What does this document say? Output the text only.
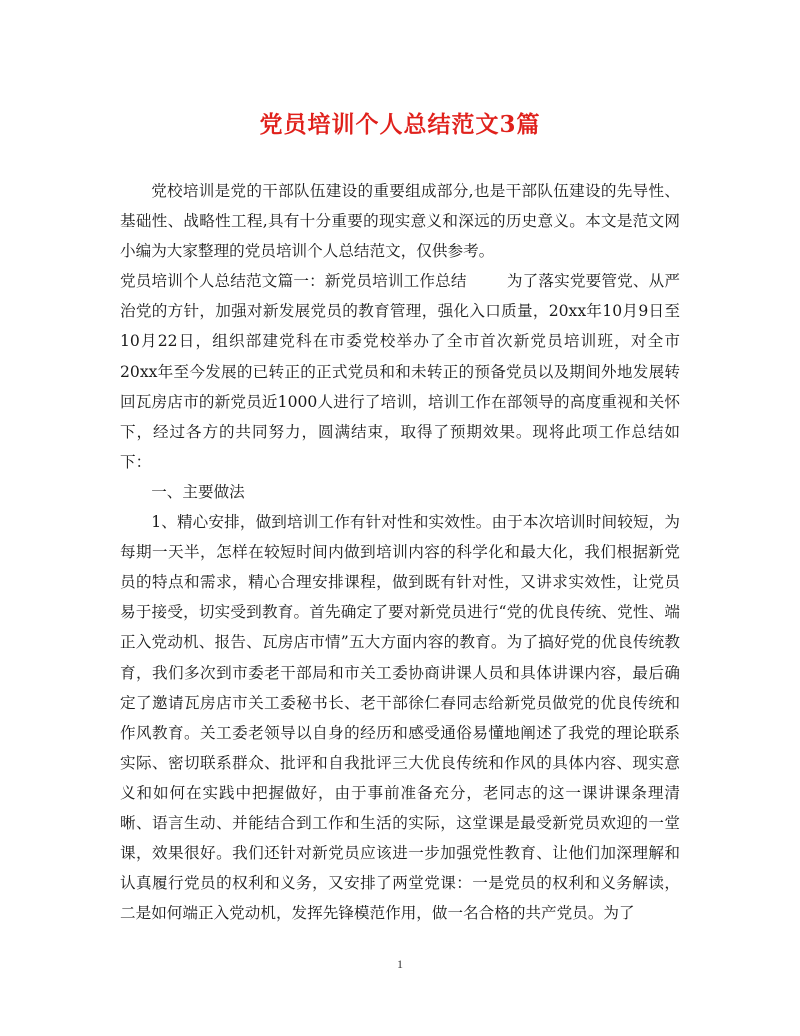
党员培训个人总结范文3篇

党校培训是党的干部队伍建设的重要组成部分,也是干部队伍建设的先导性、基础性、战略性工程,具有十分重要的现实意义和深远的历史意义。本文是范文网小编为大家整理的党员培训个人总结范文，仅供参考。

党员培训个人总结范文篇一：新党员培训工作总结	为了落实党要管党、从严治党的方针，加强对新发展党员的教育管理，强化入口质量，20xx年10月9日至10月22日，组织部建党科在市委党校举办了全市首次新党员培训班，对全市20xx年至今发展的已转正的正式党员和和未转正的预备党员以及期间外地发展转回瓦房店市的新党员近1000人进行了培训，培训工作在部领导的高度重视和关怀下，经过各方的共同努力，圆满结束，取得了预期效果。现将此项工作总结如下：

一、主要做法

1、精心安排，做到培训工作有针对性和实效性。由于本次培训时间较短，为每期一天半，怎样在较短时间内做到培训内容的科学化和最大化，我们根据新党员的特点和需求，精心合理安排课程，做到既有针对性，又讲求实效性，让党员易于接受，切实受到教育。首先确定了要对新党员进行“党的优良传统、党性、端正入党动机、报告、瓦房店市情”五大方面内容的教育。为了搞好党的优良传统教育，我们多次到市委老干部局和市关工委协商讲课人员和具体讲课内容，最后确定了邀请瓦房店市关工委秘书长、老干部徐仁春同志给新党员做党的优良传统和作风教育。关工委老领导以自身的经历和感受通俗易懂地阐述了我党的理论联系实际、密切联系群众、批评和自我批评三大优良传统和作风的具体内容、现实意义和如何在实践中把握做好，由于事前准备充分，老同志的这一课讲课条理清晰、语言生动、并能结合到工作和生活的实际，这堂课是最受新党员欢迎的一堂课，效果很好。我们还针对新党员应该进一步加强党性教育、让他们加深理解和认真履行党员的权利和义务，又安排了两堂党课：一是党员的权利和义务解读，二是如何端正入党动机，发挥先锋模范作用，做一名合格的共产党员。为了

1
